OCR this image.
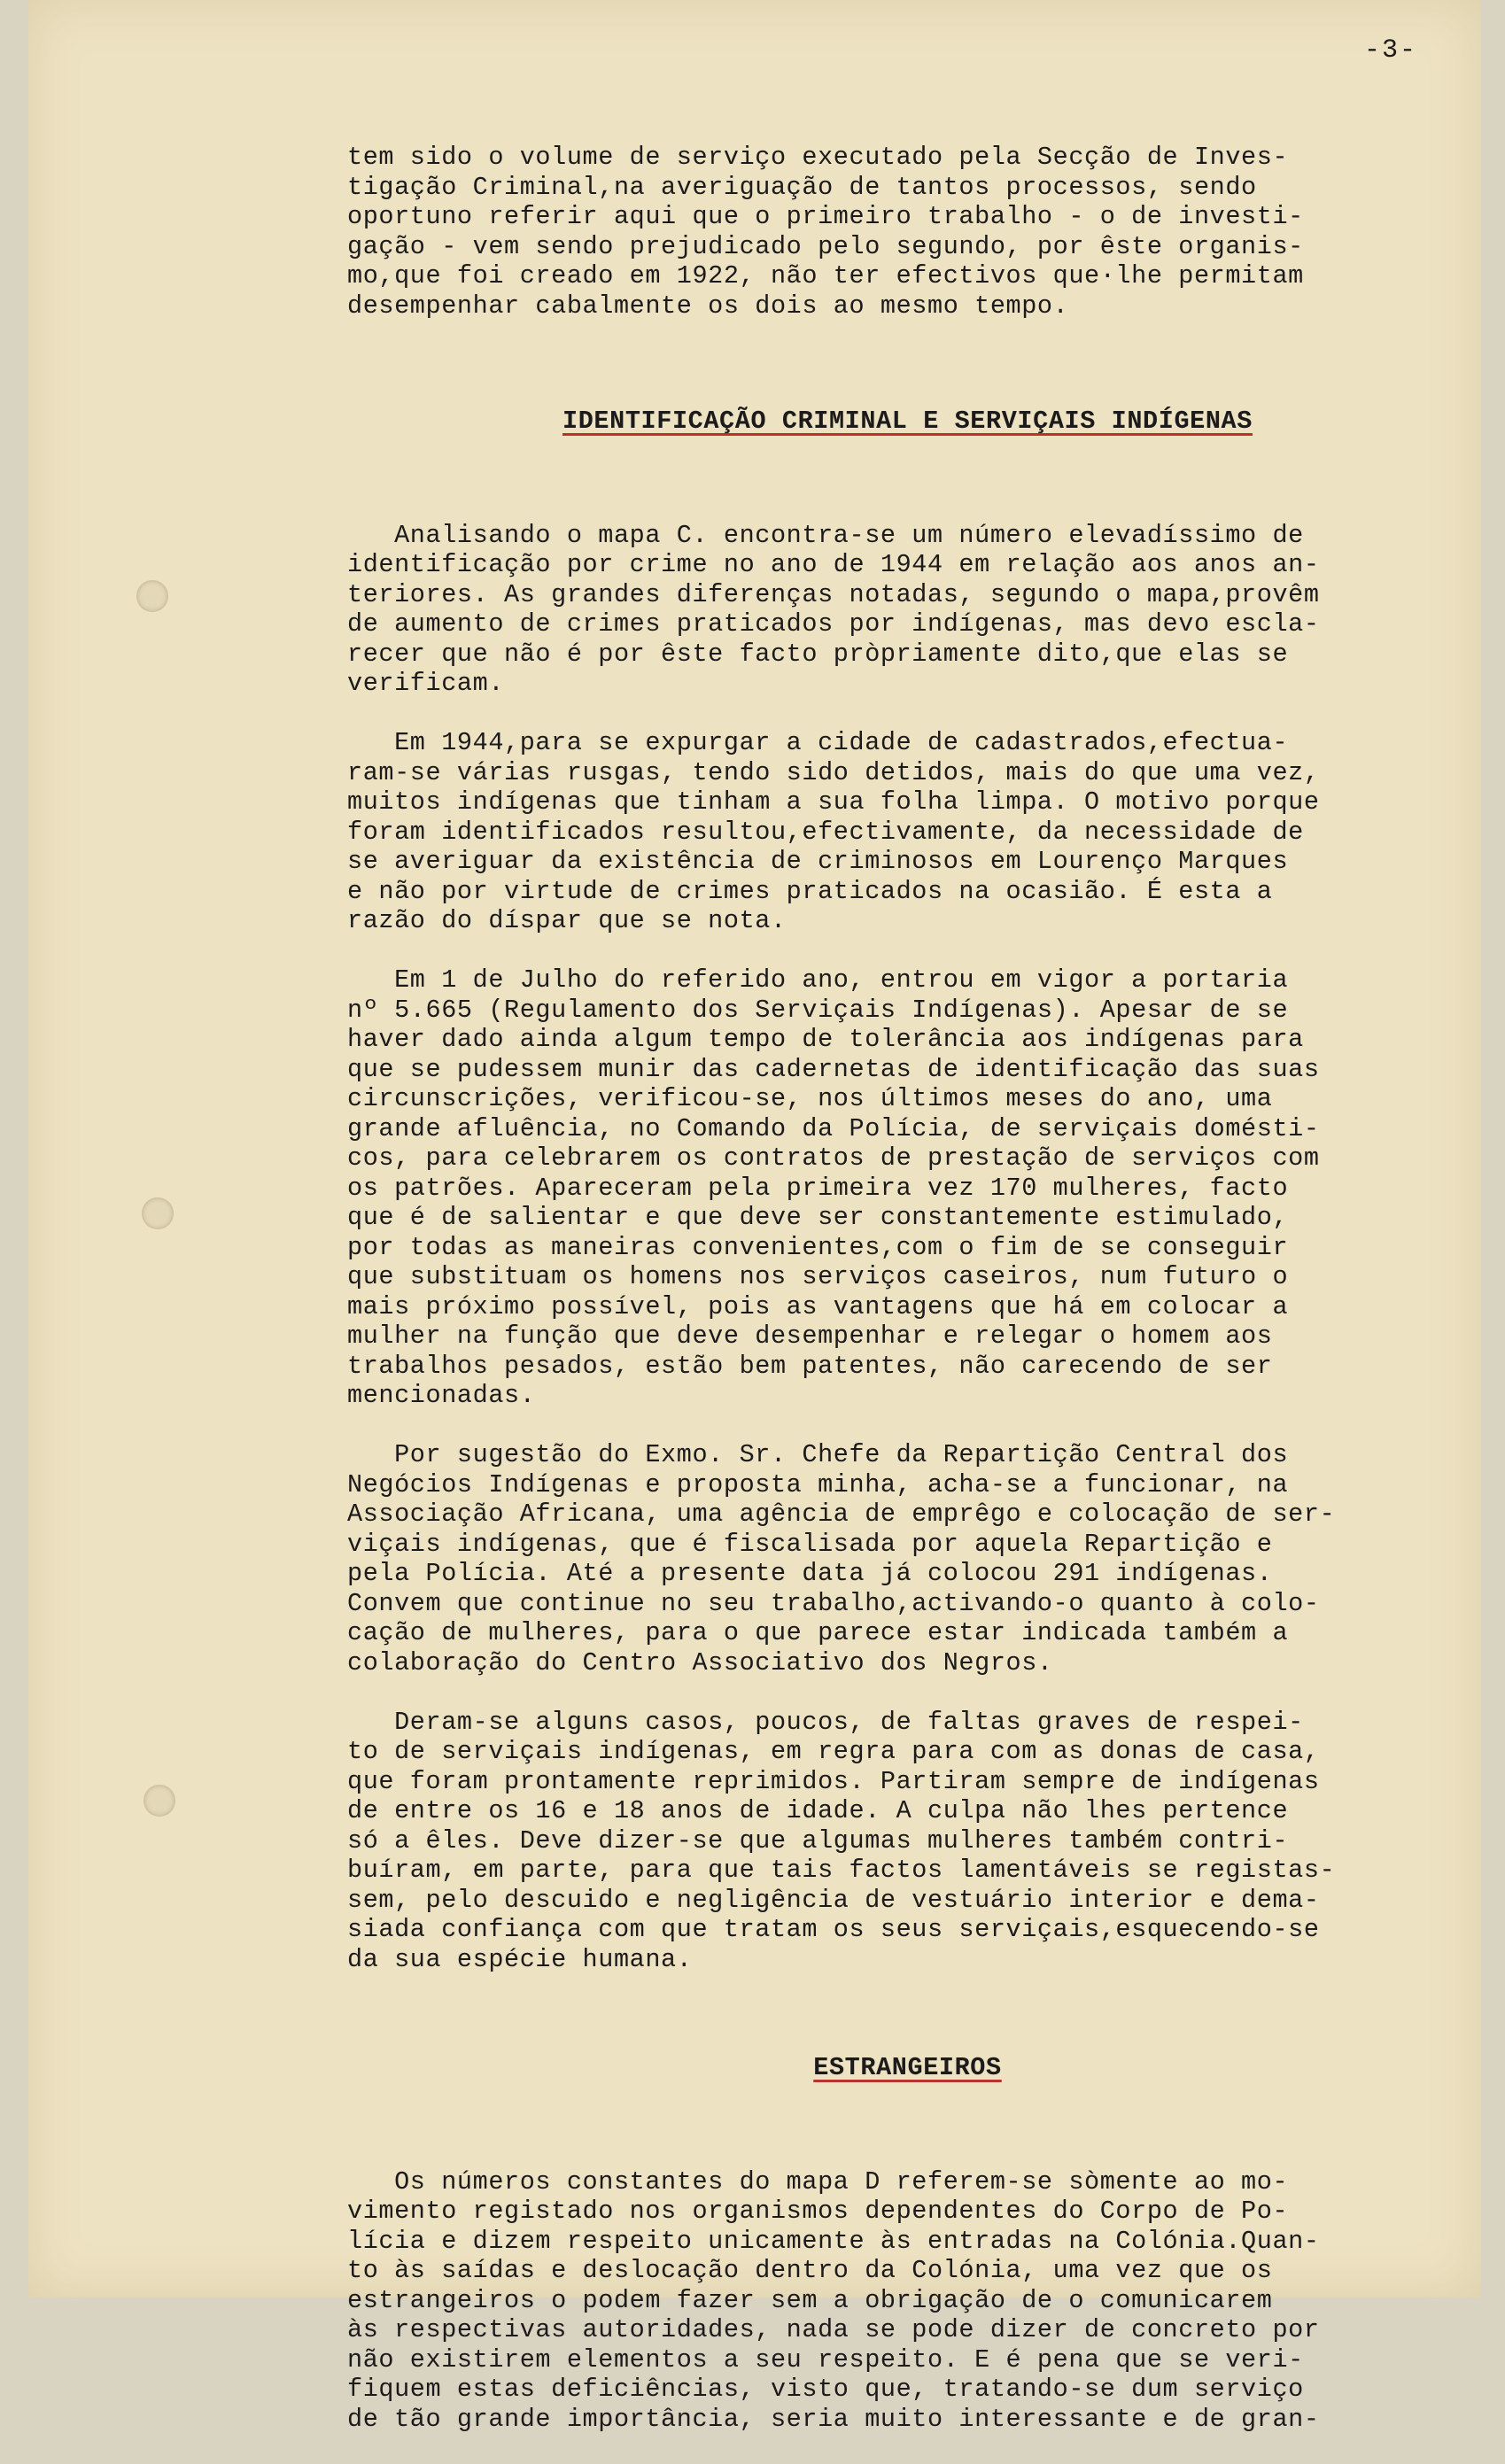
-3-

tem sido o volume de serviço executado pela Secção de Inves-
tigação Criminal,na averiguação de tantos processos, sendo
oportuno referir aqui que o primeiro trabalho - o de investi-
gação - vem sendo prejudicado pelo segundo, por êste organis-
mo,que foi creado em 1922, não ter efectivos que·lhe permitam
desempenhar cabalmente os dois ao mesmo tempo.

IDENTIFICAÇÃO CRIMINAL E SERVIÇAIS INDÍGENAS

Analisando o mapa C. encontra-se um número elevadíssimo de
identificação por crime no ano de 1944 em relação aos anos an-
teriores. As grandes diferenças notadas, segundo o mapa,provêm
de aumento de crimes praticados por indígenas, mas devo escla-
recer que não é por êste facto pròpriamente dito,que elas se
verificam.
Em 1944,para se expurgar a cidade de cadastrados,efectua-
ram-se várias rusgas, tendo sido detidos, mais do que uma vez,
muitos indígenas que tinham a sua folha limpa. O motivo porque
foram identificados resultou,efectivamente, da necessidade de
se averiguar da existência de criminosos em Lourenço Marques
e não por virtude de crimes praticados na ocasião. É esta a
razão do díspar que se nota.
Em 1 de Julho do referido ano, entrou em vigor a portaria
nº 5.665 (Regulamento dos Serviçais Indígenas). Apesar de se
haver dado ainda algum tempo de tolerância aos indígenas para
que se pudessem munir das cadernetas de identificação das suas
circunscrições, verificou-se, nos últimos meses do ano, uma
grande afluência, no Comando da Polícia, de serviçais domésti-
cos, para celebrarem os contratos de prestação de serviços com
os patrões. Apareceram pela primeira vez 170 mulheres, facto
que é de salientar e que deve ser constantemente estimulado,
por todas as maneiras convenientes,com o fim de se conseguir
que substituam os homens nos serviços caseiros, num futuro o
mais próximo possível, pois as vantagens que há em colocar a
mulher na função que deve desempenhar e relegar o homem aos
trabalhos pesados, estão bem patentes, não carecendo de ser
mencionadas.
Por sugestão do Exmo. Sr. Chefe da Repartição Central dos
Negócios Indígenas e proposta minha, acha-se a funcionar, na
Associação Africana, uma agência de emprêgo e colocação de ser-
viçais indígenas, que é fiscalisada por aquela Repartição e
pela Polícia. Até a presente data já colocou 291 indígenas.
Convem que continue no seu trabalho,activando-o quanto à colo-
cação de mulheres, para o que parece estar indicada também a
colaboração do Centro Associativo dos Negros.
Deram-se alguns casos, poucos, de faltas graves de respei-
to de serviçais indígenas, em regra para com as donas de casa,
que foram prontamente reprimidos. Partiram sempre de indígenas
de entre os 16 e 18 anos de idade. A culpa não lhes pertence
só a êles. Deve dizer-se que algumas mulheres também contri-
buíram, em parte, para que tais factos lamentáveis se registas-
sem, pelo descuido e negligência de vestuário interior e dema-
siada confiança com que tratam os seus serviçais,esquecendo-se
da sua espécie humana.

ESTRANGEIROS

Os números constantes do mapa D referem-se sòmente ao mo-
vimento registado nos organismos dependentes do Corpo de Po-
lícia e dizem respeito unicamente às entradas na Colónia.Quan-
to às saídas e deslocação dentro da Colónia, uma vez que os
estrangeiros o podem fazer sem a obrigação de o comunicarem
às respectivas autoridades, nada se pode dizer de concreto por
não existirem elementos a seu respeito. E é pena que se veri-
fiquem estas deficiências, visto que, tratando-se dum serviço
de tão grande importância, seria muito interessante e de gran-
